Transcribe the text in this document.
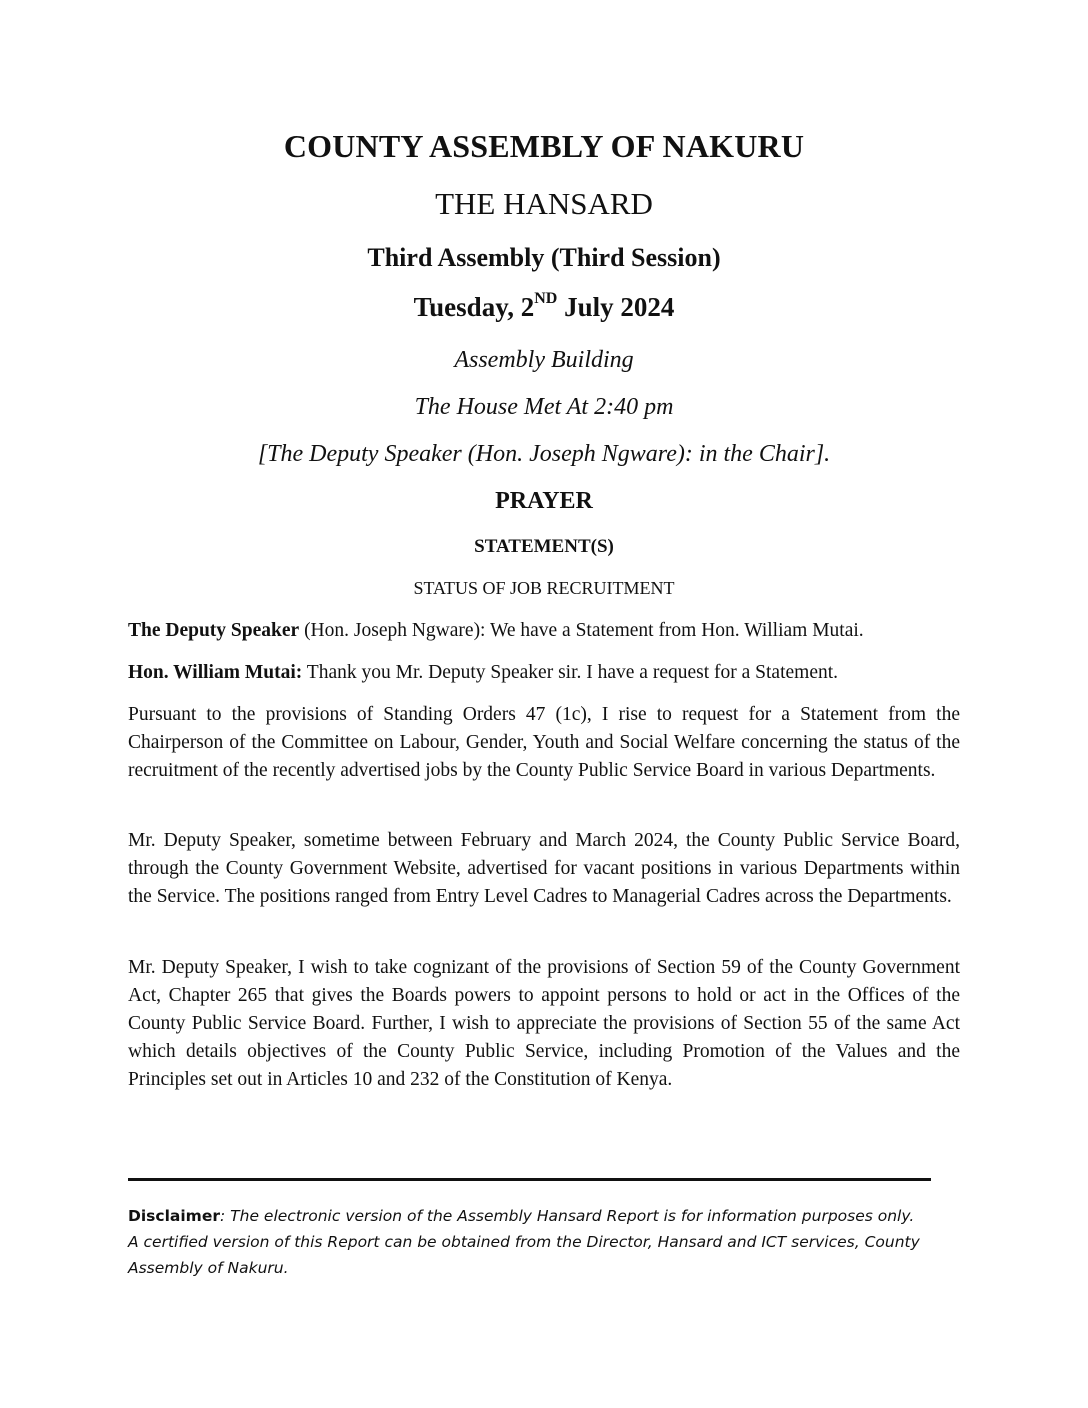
COUNTY ASSEMBLY OF NAKURU
THE HANSARD
Third Assembly (Third Session)
Tuesday, 2ND July 2024
Assembly Building
The House Met At 2:40 pm
[The Deputy Speaker (Hon. Joseph Ngware): in the Chair].
PRAYER
STATEMENT(S)
STATUS OF JOB RECRUITMENT

The Deputy Speaker (Hon. Joseph Ngware): We have a Statement from Hon. William Mutai.

Hon. William Mutai: Thank you Mr. Deputy Speaker sir. I have a request for a Statement.

Pursuant to the provisions of Standing Orders 47 (1c), I rise to request for a Statement from the Chairperson of the Committee on Labour, Gender, Youth and Social Welfare concerning the status of the recruitment of the recently advertised jobs by the County Public Service Board in various Departments.

Mr. Deputy Speaker, sometime between February and March 2024, the County Public Service Board, through the County Government Website, advertised for vacant positions in various Departments within the Service. The positions ranged from Entry Level Cadres to Managerial Cadres across the Departments.

Mr. Deputy Speaker, I wish to take cognizant of the provisions of Section 59 of the County Government Act, Chapter 265 that gives the Boards powers to appoint persons to hold or act in the Offices of the County Public Service Board. Further, I wish to appreciate the provisions of Section 55 of the same Act which details objectives of the County Public Service, including Promotion of the Values and the Principles set out in Articles 10 and 232 of the Constitution of Kenya.

Disclaimer: The electronic version of the Assembly Hansard Report is for information purposes only.
A certified version of this Report can be obtained from the Director, Hansard and ICT services, County Assembly of Nakuru.
